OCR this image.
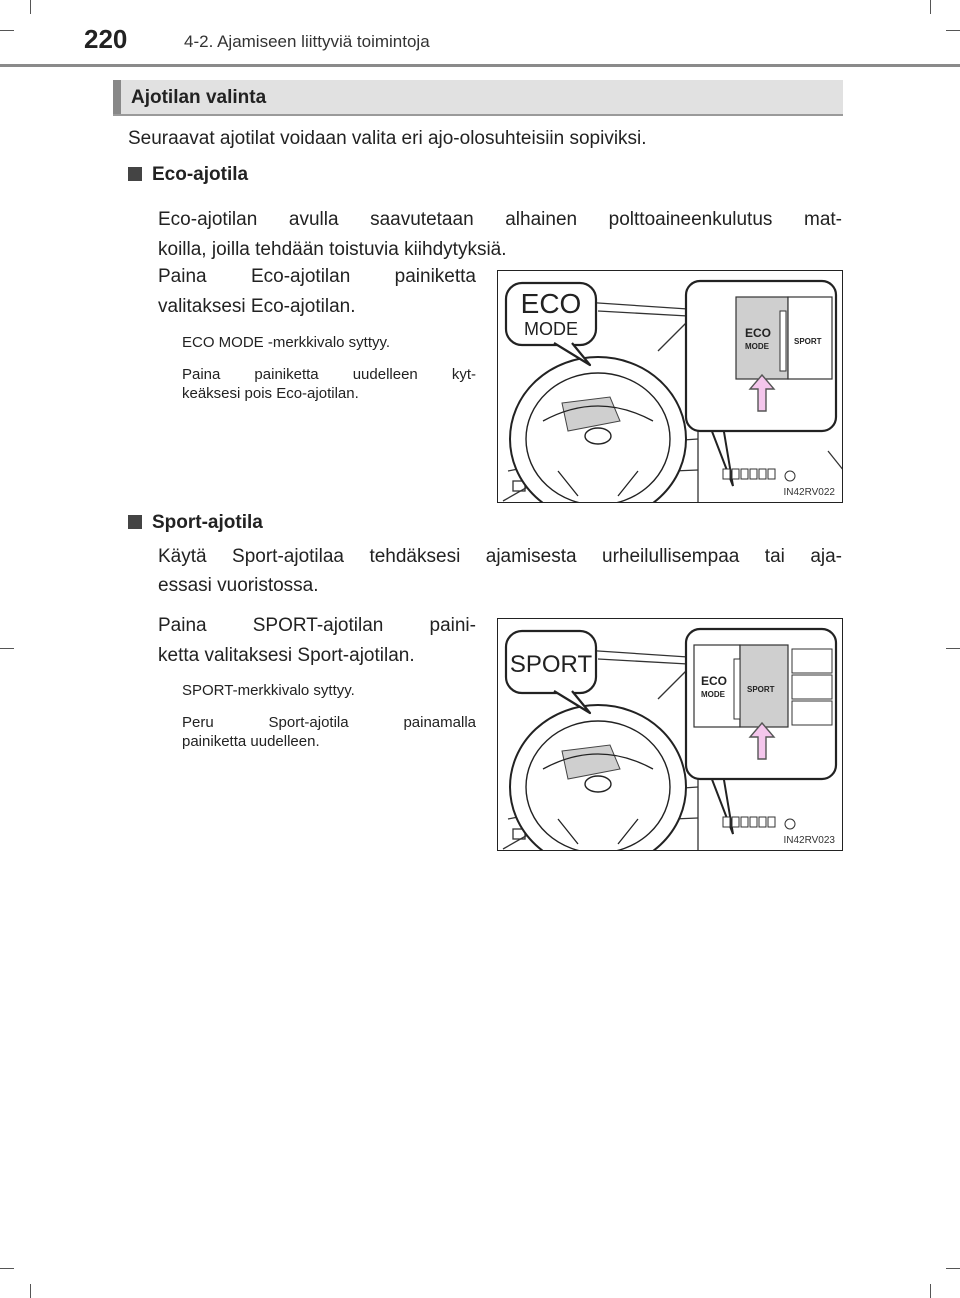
220	4-2. Ajamiseen liittyviä toimintoja
Ajotilan valinta
Seuraavat ajotilat voidaan valita eri ajo-olosuhteisiin sopiviksi.
Eco-ajotila
Eco-ajotilan avulla saavutetaan alhainen polttoaineenkulutus mat-
koilla, joilla tehdään toistuvia kiihdytyksiä.
Paina Eco-ajotilan painiketta
valitaksesi Eco-ajotilan.
ECO MODE -merkkivalo syttyy.
Paina painiketta uudelleen kyt-
keäksesi pois Eco-ajotilan.
ECO
MODE
SPORT
ECO
MODE
IN42RV022
Sport-ajotila
Käytä Sport-ajotilaa tehdäksesi ajamisesta urheilullisempaa tai aja-
essasi vuoristossa.
Paina SPORT-ajotilan paini-
ketta valitaksesi Sport-ajotilan.
SPORT-merkkivalo syttyy.
Peru Sport-ajotila painamalla
painiketta uudelleen.
ECO
MODE
SPORT
SPORT
IN42RV023
